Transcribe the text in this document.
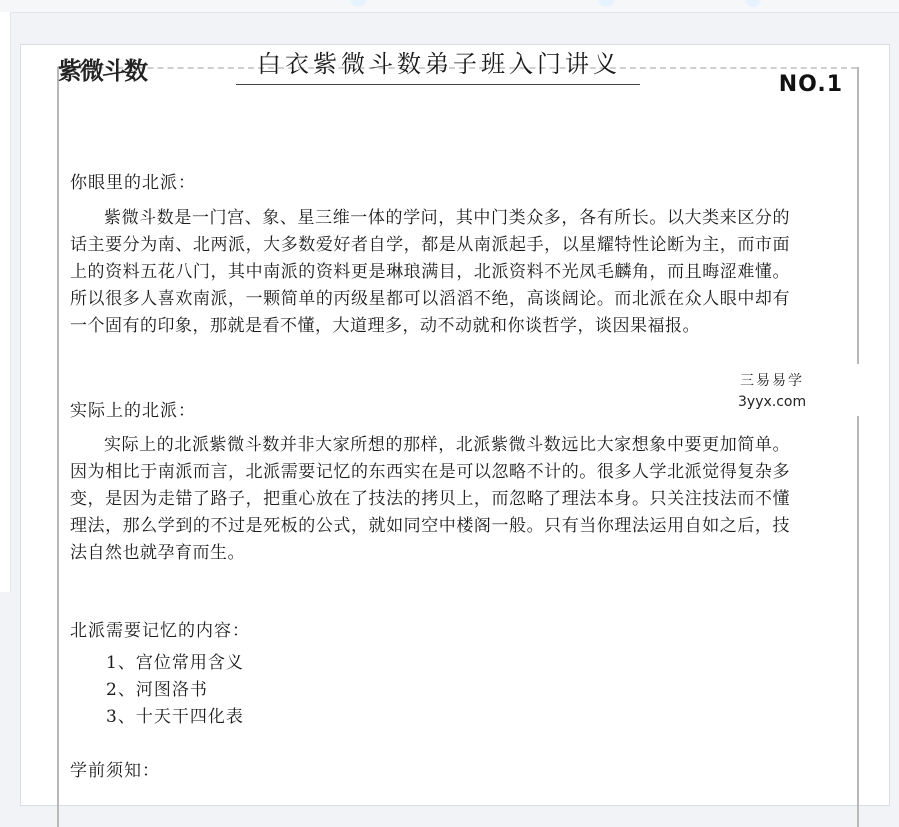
紫微斗数	白衣紫微斗数弟子班入门讲义
NO.1
你眼里的北派：
紫微斗数是一门宫、象、星三维一体的学问，其中门类众多，各有所长。以大类来区分的话主要分为南、北两派，大多数爱好者自学，都是从南派起手，以星耀特性论断为主，而市面上的资料五花八门，其中南派的资料更是琳琅满目，北派资料不光凤毛麟角，而且晦涩难懂。所以很多人喜欢南派，一颗简单的丙级星都可以滔滔不绝，高谈阔论。而北派在众人眼中却有一个固有的印象，那就是看不懂，大道理多，动不动就和你谈哲学，谈因果福报。
实际上的北派：
实际上的北派紫微斗数并非大家所想的那样，北派紫微斗数远比大家想象中要更加简单。因为相比于南派而言，北派需要记忆的东西实在是可以忽略不计的。很多人学北派觉得复杂多变，是因为走错了路子，把重心放在了技法的拷贝上，而忽略了理法本身。只关注技法而不懂理法，那么学到的不过是死板的公式，就如同空中楼阁一般。只有当你理法运用自如之后，技法自然也就孕育而生。
北派需要记忆的内容：
1、宫位常用含义
2、河图洛书
3、十天干四化表
学前须知：
三易易学
3yyx.com
